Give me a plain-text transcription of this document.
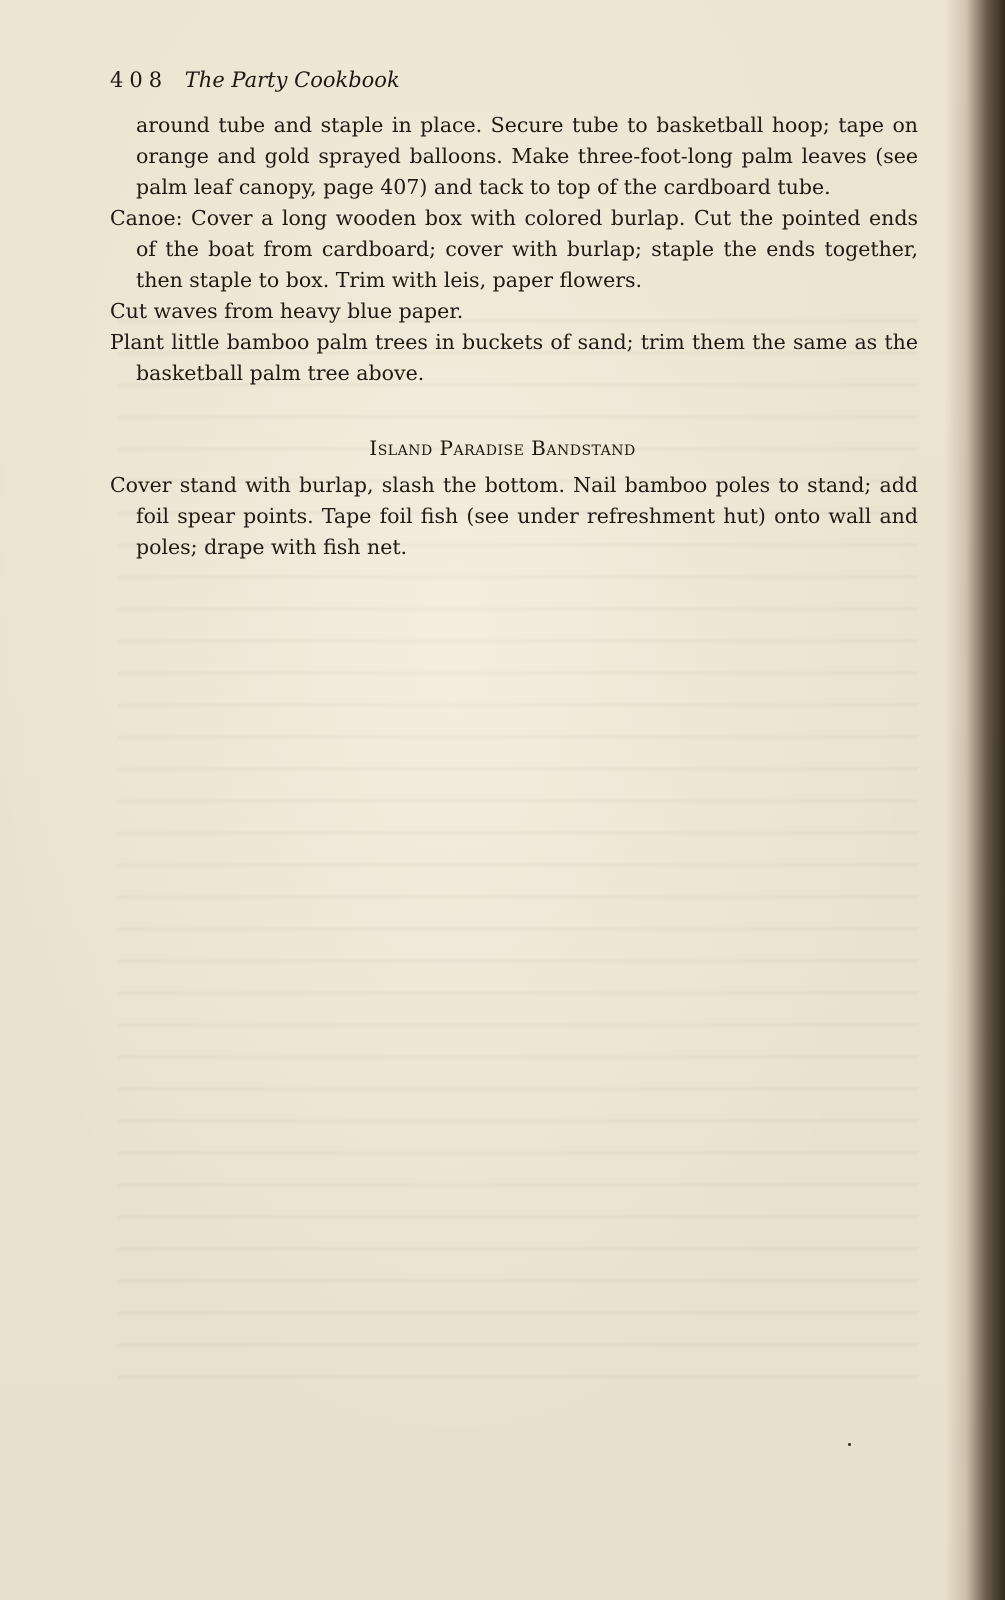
408 The Party Cookbook

around tube and staple in place. Secure tube to basketball hoop; tape on orange and gold sprayed balloons. Make three-foot-long palm leaves (see palm leaf canopy, page 407) and tack to top of the cardboard tube.

Canoe: Cover a long wooden box with colored burlap. Cut the pointed ends of the boat from cardboard; cover with burlap; staple the ends together, then staple to box. Trim with leis, paper flowers.

Cut waves from heavy blue paper.

Plant little bamboo palm trees in buckets of sand; trim them the same as the basketball palm tree above.

Island Paradise Bandstand

Cover stand with burlap, slash the bottom. Nail bamboo poles to stand; add foil spear points. Tape foil fish (see under refreshment hut) onto wall and poles; drape with fish net.
